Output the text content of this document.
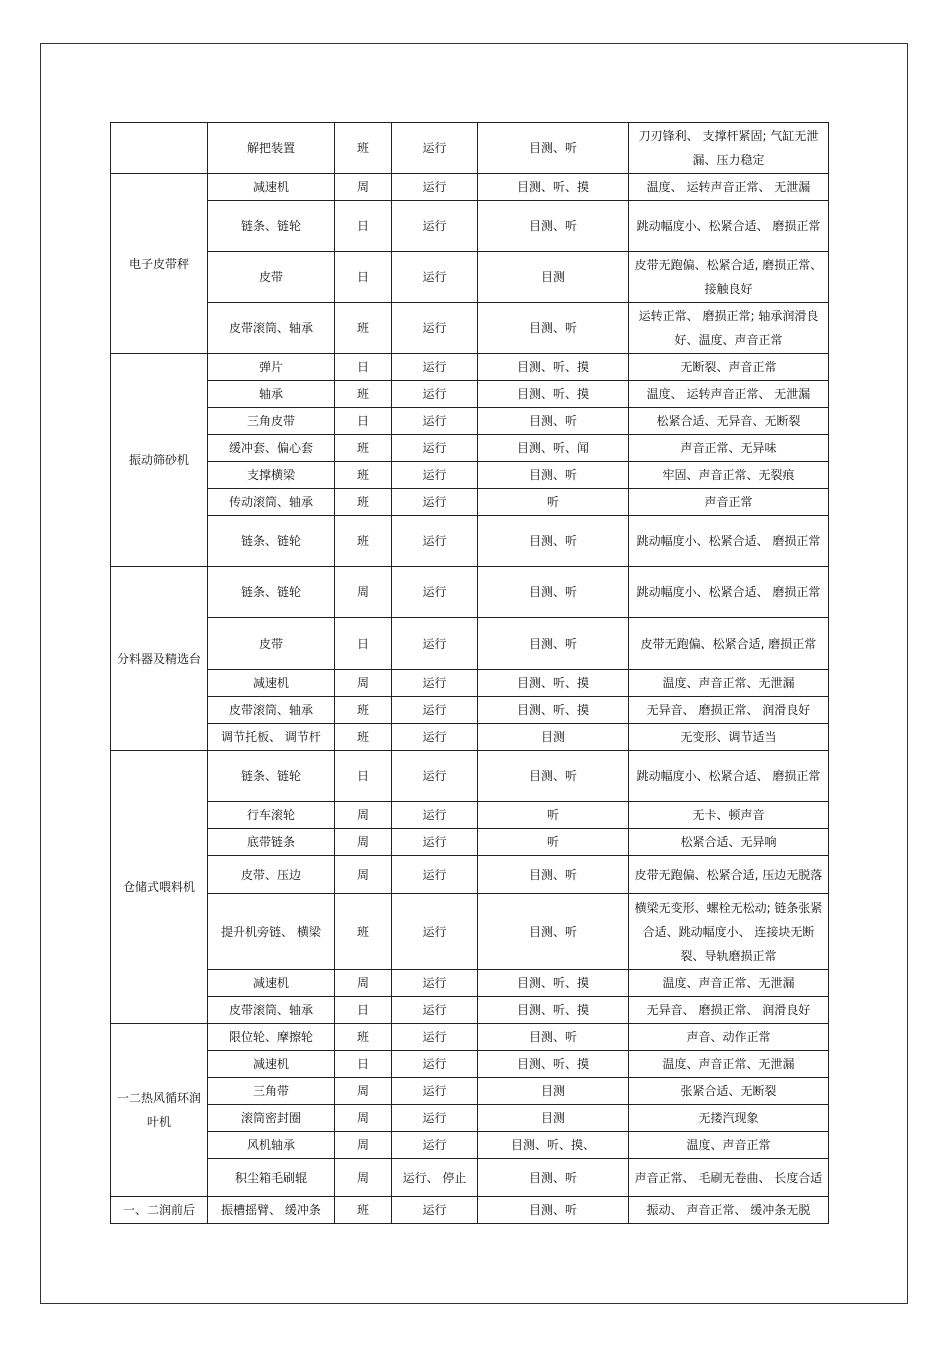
	解把装置	班	运行	目测、听	刀刃锋利、 支撑杆紧固; 气缸无泄漏、压力稳定
电子皮带秤	减速机	周	运行	目测、听、摸	温度、 运转声音正常、 无泄漏
	链条、链轮	日	运行	目测、听	跳动幅度小、松紧合适、 磨损正常
	皮带	日	运行	目测	皮带无跑偏、松紧合适, 磨损正常、接触良好
	皮带滚筒、轴承	班	运行	目测、听	运转正常、 磨损正常; 轴承润滑良好、温度、声音正常
振动筛砂机	弹片	日	运行	目测、听、摸	无断裂、声音正常
	轴承	班	运行	目测、听、摸	温度、 运转声音正常、 无泄漏
	三角皮带	日	运行	目测、听	松紧合适、无异音、无断裂
	缓冲套、偏心套	班	运行	目测、听、闻	声音正常、无异味
	支撑横梁	班	运行	目测、听	牢固、声音正常、无裂痕
	传动滚筒、轴承	班	运行	听	声音正常
	链条、链轮	班	运行	目测、听	跳动幅度小、松紧合适、 磨损正常
分料器及精选台	链条、链轮	周	运行	目测、听	跳动幅度小、松紧合适、 磨损正常
	皮带	日	运行	目测、听	皮带无跑偏、松紧合适, 磨损正常
	减速机	周	运行	目测、听、摸	温度、声音正常、无泄漏
	皮带滚筒、轴承	班	运行	目测、听、摸	无异音、 磨损正常、 润滑良好
	调节托板、 调节杆	班	运行	目测	无变形、调节适当
仓储式喂料机	链条、链轮	日	运行	目测、听	跳动幅度小、松紧合适、 磨损正常
	行车滚轮	周	运行	听	无卡、顿声音
	底带链条	周	运行	听	松紧合适、无异响
	皮带、压边	周	运行	目测、听	皮带无跑偏、松紧合适, 压边无脱落
	提升机旁链、 横梁	班	运行	目测、听	横梁无变形、螺栓无松动; 链条张紧合适、跳动幅度小、 连接块无断裂、导轨磨损正常
	减速机	周	运行	目测、听、摸	温度、声音正常、无泄漏
	皮带滚筒、轴承	日	运行	目测、听、摸	无异音、 磨损正常、 润滑良好
一二热风循环润叶机	限位轮、摩擦轮	班	运行	目测、听	声音、动作正常
	减速机	日	运行	目测、听、摸	温度、声音正常、无泄漏
	三角带	周	运行	目测	张紧合适、无断裂
	滚筒密封圈	周	运行	目测	无搂汽现象
	风机轴承	周	运行	目测、听、摸、	温度、声音正常
	积尘箱毛刷辊	周	运行、 停止	目测、听	声音正常、 毛刷无卷曲、 长度合适
一、二润前后	振槽摇臂、 缓冲条	班	运行	目测、听	振动、 声音正常、 缓冲条无脱
